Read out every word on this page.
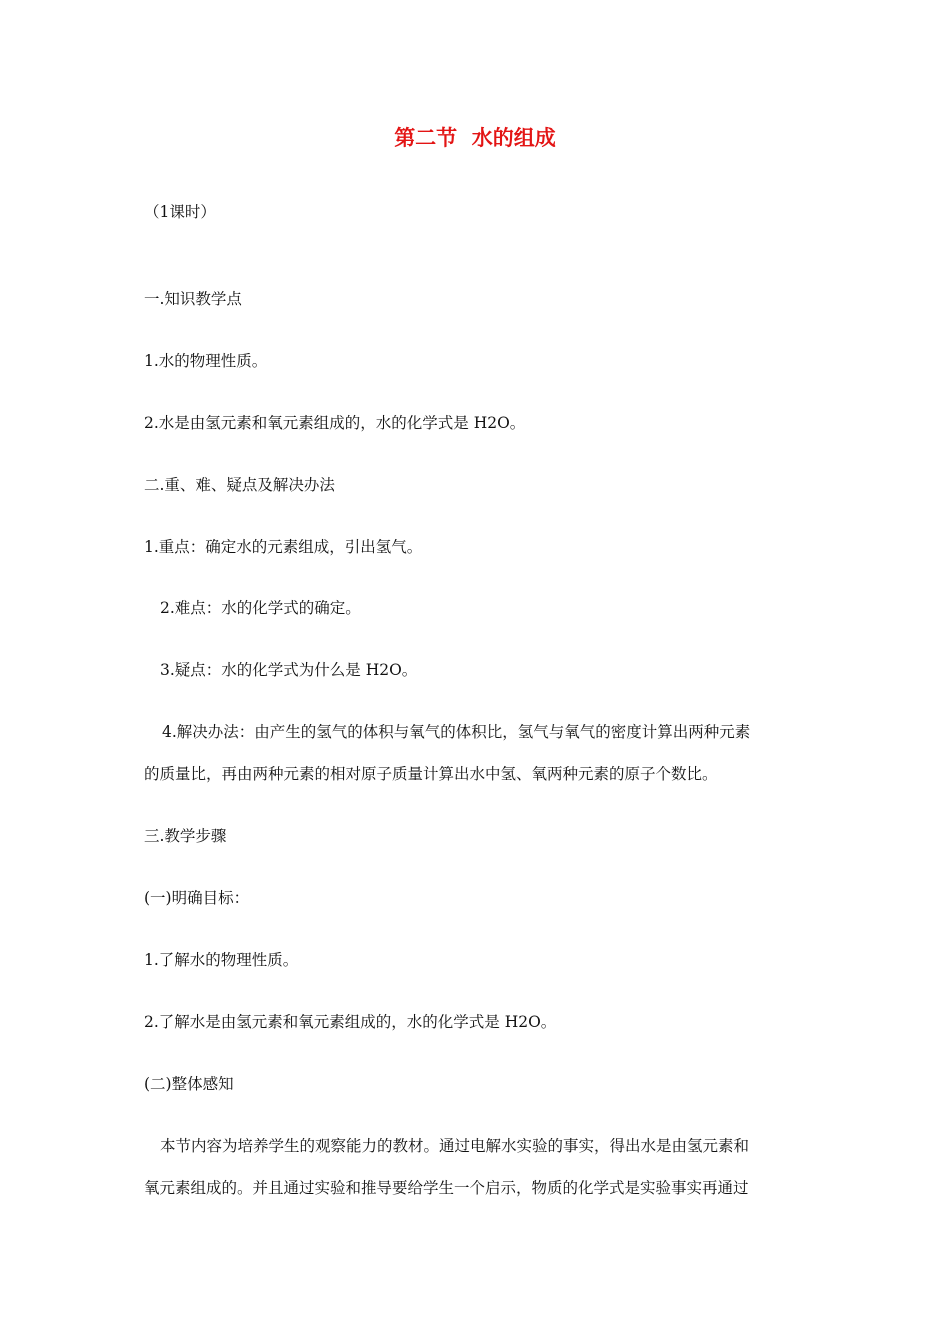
第二节  水的组成
（1课时）
一.知识教学点
1.水的物理性质。
2.水是由氢元素和氧元素组成的，水的化学式是 H2O。
二.重、难、疑点及解决办法
1.重点：确定水的元素组成，引出氢气。
2.难点：水的化学式的确定。
3.疑点：水的化学式为什么是 H2O。
4.解决办法：由产生的氢气的体积与氧气的体积比，氢气与氧气的密度计算出两种元素
的质量比，再由两种元素的相对原子质量计算出水中氢、氧两种元素的原子个数比。
三.教学步骤
(一)明确目标：
1.了解水的物理性质。
2.了解水是由氢元素和氧元素组成的，水的化学式是 H2O。
(二)整体感知
本节内容为培养学生的观察能力的教材。通过电解水实验的事实，得出水是由氢元素和
氧元素组成的。并且通过实验和推导要给学生一个启示，物质的化学式是实验事实再通过
